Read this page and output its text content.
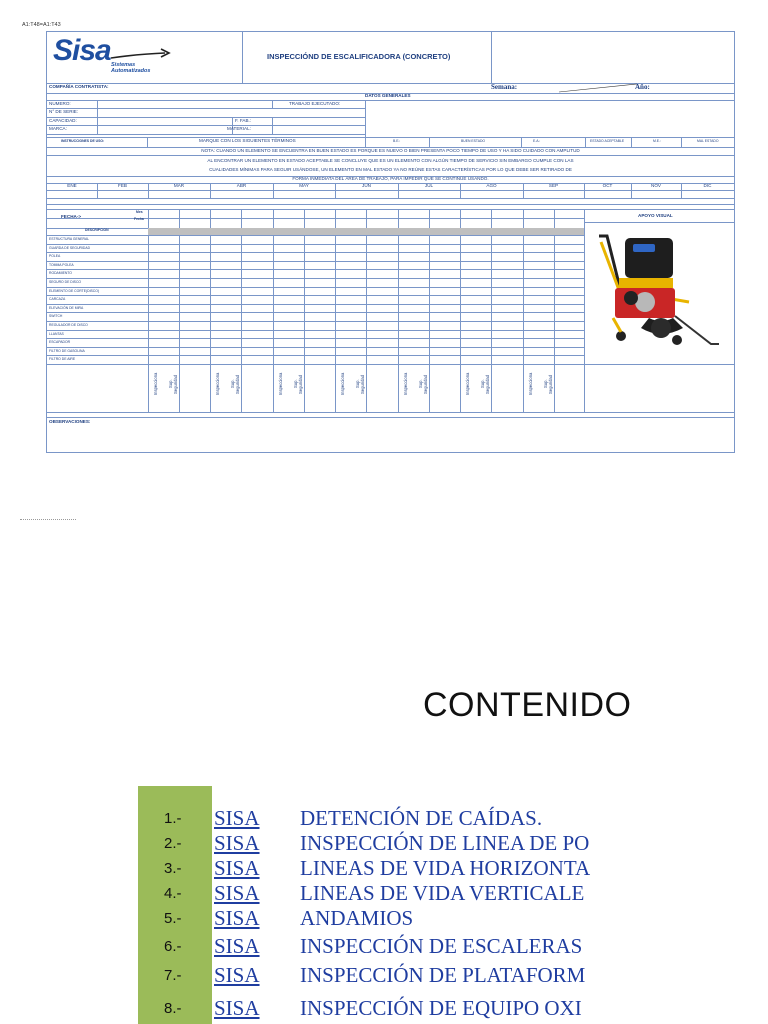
A1:T48=A1:T43
Sisa Sistemas
Automatizados
INSPECCIÓND DE ESCALIFICADORA (CONCRETO)
COMPAÑÍA CONTRATISTA:	Semana:	Año:
DATOS GENERALES
NUMERO:	TRABAJO EJECUTADO:
N° DE SERIE:
CAPACIDAD:	F. FAB.:
MARCA:	MATERIAL:
INSTRUCCIONES DE USO:	MARQUE CON LOS SIGUIENTES TÉRMINOS	B.E.:	BUEN ESTADO	E.A.:	ESTADO ACEPTABLE	M.E.:	MAL ESTADO
NOTA: CUANDO UN ELEMENTO SE ENCUENTRA EN BUEN ESTADO ES PORQUE ES NUEVO O BIEN PRESENTA POCO TIEMPO DE USO Y HA SIDO CUIDADO CON AMPLITUD
AL ENCONTRAR UN ELEMENTO EN ESTADO ACEPTABLE SE CONCLUYE QUE ES UN ELEMENTO CON ALGÚN TIEMPO DE SERVICIO SIN EMBARGO CUMPLE CON LAS
CUALIDADES MÍNIMAS PARA SEGUIR USÁNDOSE, UN ELEMENTO EN MAL ESTADO YA NO REÚNE ESTAS CARACTERÍSTICAS POR LO QUE DEBE SER RETIRADO DE
FORMA INMEDIATA DEL ÁREA DE TRABAJO, PARA IMPEDIR QUE SE CONTINUE USANDO.
ENE	FEB	MAR	ABR	MAY	JUN	JUL	AGO	SEP	OCT	NOV	DIC
FECHA->
Mes
Fecha
APOYO VISUAL
DESCRIPCION
ESTRUCTURA GENERAL
GUARDA DE SEGURIDAD
POLEA
TOMMA POLEA
RODAMIENTO
SEGURO DE DISCO
ELEMENTO DE CORTE(DISCO)
CARCAZA
ELEVACIÓN DE MIRA
SWITCH
REGULADOR DE DISCO
LLANTAS
ESCAPADOR
FILTRO DE GASOLINA
FILTRO DE AIRE
Inspecciona Sup.
Seguridad	Inspecciona Sup.
Seguridad	Inspecciona Sup.
Seguridad	Inspecciona Sup.
Seguridad	Inspecciona Sup.
Seguridad	Inspecciona Sup.
Seguridad	Inspecciona Sup.
Seguridad
OBSERVACIONES:
CONTENIDO
1.- SISA DETENCIÓN DE CAÍDAS.
2.- SISA INSPECCIÓN DE LINEA DE PO
3.- SISA LINEAS DE VIDA HORIZONTA
4.- SISA LINEAS DE VIDA VERTICALE
5.- SISA ANDAMIOS
6.- SISA INSPECCIÓN DE ESCALERAS
7.- SISA INSPECCIÓN DE PLATAFORM
8.- SISA INSPECCIÓN DE EQUIPO OXI
